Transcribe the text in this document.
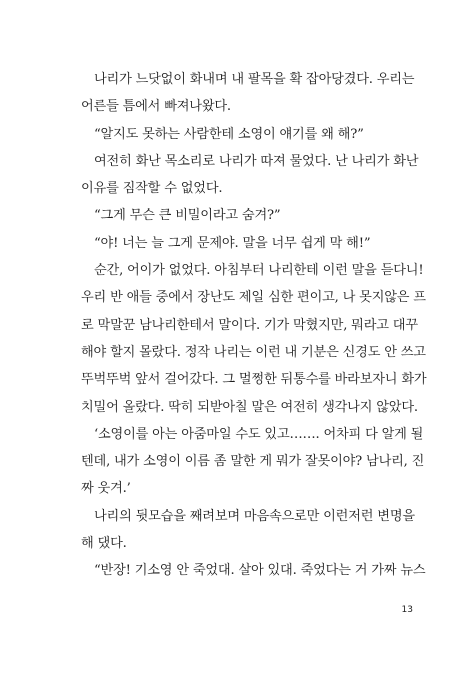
나리가 느닷없이 화내며 내 팔목을 확 잡아당겼다. 우리는
어른들 틈에서 빠져나왔다.
“알지도 못하는 사람한테 소영이 얘기를 왜 해?”
여전히 화난 목소리로 나리가 따져 물었다. 난 나리가 화난
이유를 짐작할 수 없었다.
“그게 무슨 큰 비밀이라고 숨겨?”
“야! 너는 늘 그게 문제야. 말을 너무 쉽게 막 해!”
순간, 어이가 없었다. 아침부터 나리한테 이런 말을 듣다니!
우리 반 애들 중에서 장난도 제일 심한 편이고, 나 못지않은 프
로 막말꾼 남나리한테서 말이다. 기가 막혔지만, 뭐라고 대꾸
해야 할지 몰랐다. 정작 나리는 이런 내 기분은 신경도 안 쓰고
뚜벅뚜벅 앞서 걸어갔다. 그 멀쩡한 뒤통수를 바라보자니 화가
치밀어 올랐다. 딱히 되받아칠 말은 여전히 생각나지 않았다.
‘소영이를 아는 아줌마일 수도 있고……. 어차피 다 알게 될
텐데, 내가 소영이 이름 좀 말한 게 뭐가 잘못이야? 남나리, 진
짜 웃겨.’
나리의 뒷모습을 째려보며 마음속으로만 이런저런 변명을
해 댔다.
“반장! 기소영 안 죽었대. 살아 있대. 죽었다는 거 가짜 뉴스
13
